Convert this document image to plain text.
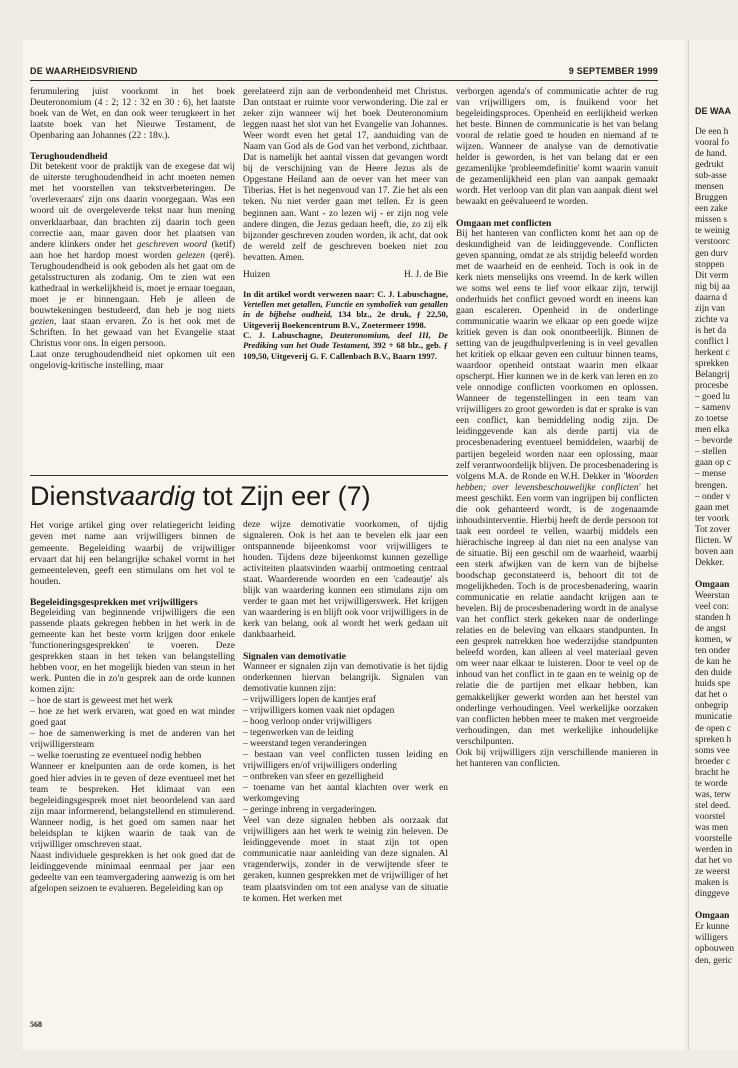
DE WAA
De een h
vooral fo
de hand.
gedrukt
sub-asse
mensen
Bruggen
een zake
missen s
te weinig
verstoorc
gen durv
stoppen
Dit verm
nig bij aa
daarna d
zijn van
zichte va
is het da
conflict l
herkent c
sprekken
Belangrij
procesbe
– goed lu
– samenv
zo toetse
men elka
– bevorde
– stellen
gaan op c
– mense
brengen.
– onder v
gaan met
ter voork
Tot zover
flicten. W
boven aan
Dekker.
Omgaan
Weerstan
veel con:
standen h
de angst
komen, w
ten onder
de kan he
den duide
huids spe
dat het o
onbegrip
municatie
de open c
spreken h
soms vee
broeder c
bracht he
te worde
was, terw
stel deed.
voorstel
was men
voorstelle
werden in
dat het vo
ze weerst
maken is
dinggeve
Omgaan
Er kunne
willigers
opbouwen
den, geric
DE WAARHEIDSVRIEND	9 SEPTEMBER 1999

ferumulering juist voorkomt in het boek Deuteronomium (4 : 2; 12 : 32 en 30 : 6), het laatste boek van de Wet, en dan ook weer terugkeert in het laatste boek van het Nieuwe Testament, de Openbaring aan Johannes (22 : 18v.).

Terughoudendheid

Dit betekent voor de praktijk van de exegese dat wij de uiterste terughoudendheid in acht moeten nemen met het voorstellen van tekstverbeteringen. De 'overleveraars' zijn ons daarin voorgegaan. Was een woord uit de overgeleverde tekst naar hun mening onverklaarbaar, dan brachten zij daarin toch geen correctie aan, maar gaven door het plaatsen van andere klinkers onder het geschreven woord (ketif) aan hoe het hardop moest worden gelezen (qerê). Terughoudendheid is ook geboden als het gaat om de getalsstructuren als zodanig. Om te zien wat een kathedraal in werkelijkheid is, moet je ernaar toegaan, moet je er binnengaan. Heb je alleen de bouwtekeningen bestudeerd, dan heb je nog niets gezien, laat staan ervaren. Zo is het ook met de Schriften. In het gewaad van het Evangelie staat Christus voor ons. In eigen persoon.

Laat onze terughoudendheid niet opkomen uit een ongelovig-kritische instelling, maar

gerelateerd zijn aan de verbondenheid met Christus. Dan ontstaat er ruimte voor verwondering. Die zal er zeker zijn wanneer wij het boek Deuteronomium leggen naast het slot van het Evangelie van Johannes. Weer wordt even het getal 17, aanduiding van de Naam van God als de God van het verbond, zichtbaar. Dat is namelijk het aantal vissen dat gevangen wordt bij de verschijning van de Heere Jezus als de Opgestane Heiland aan de oever van het meer van Tiberias. Het is het negenvoud van 17. Zie het als een teken. Nu niet verder gaan met tellen. Er is geen beginnen aan. Want - zo lezen wij - er zijn nog vele andere dingen, die Jezus gedaan heeft, die, zo zij elk bijzonder geschreven zouden worden, ik acht, dat ook de wereld zelf de geschreven boeken niet zou bevatten. Amen.

Huizen	H. J. de Bie
In dit artikel wordt verwezen naar: C. J. Labuschagne, Vertellen met getallen, Functie en symboliek van getallen in de bijbelse oudheid, 134 blz., 2e druk, ƒ 22,50, Uitgeverij Boekencentrum B.V., Zoetermeer 1998.
C. J. Labuschagne, Deuteronomium, deel III, De Prediking van het Oude Testament, 392 + 68 blz., geb. ƒ 109,50, Uitgeverij G. F. Callenbach B.V., Baarn 1997.

verborgen agenda's of communicatie achter de rug van vrijwilligers om, is fnuikend voor het begeleidingsproces. Openheid en eerlijkheid werken het beste. Binnen de communicatie is het van belang vooral de relatie goed te houden en niemand af te wijzen. Wanneer de analyse van de demotivatie helder is geworden, is het van belang dat er een gezamenlijke 'probleemdefinitie' komt waarin vanuit de gezamenlijkheid een plan van aanpak gemaakt wordt. Het verloop van dit plan van aanpak dient wel bewaakt en geëvalueerd te worden.

Omgaan met conflicten

Bij het hanteren van conflicten komt het aan op de deskundigheid van de leidinggevende. Conflicten geven spanning, omdat ze als strijdig beleefd worden met de waarheid en de eenheid. Toch is ook in de kerk niets menselijks ons vreemd. In de kerk willen we soms wel eens te lief voor elkaar zijn, terwijl onderhuids het conflict gevoed wordt en ineens kan gaan escaleren. Openheid in de onderlinge communicatie waarin we elkaar op een goede wijze kritiek geven is dan ook onontbeerlijk. Binnen de setting van de jeugdhulpverlening is in veel gevallen het kritiek op elkaar geven een cultuur binnen teams, waardoor openheid ontstaat waarin men elkaar opscherpt. Hier kunnen we in de kerk van leren en zo vele onnodige conflicten voorkomen en oplossen. Wanneer de tegenstellingen in een team van vrijwilligers zo groot geworden is dat er sprake is van een conflict, kan bemiddeling nodig zijn. De leidinggevende kan als derde partij via de procesbenadering eventueel bemiddelen, waarbij de partijen begeleid worden naar een oplossing, maar zelf verantwoordelijk blijven. De procesbenadering is volgens M.A. de Ronde en W.H. Dekker in 'Woorden hebben; over levensbeschouwelijke conflicten' het meest geschikt. Een vorm van ingrijpen bij conflicten die ook gehanteerd wordt, is de zogenaamde inhoudsinterventie. Hierbij heeft de derde persoon tot taak een oordeel te vellen, waarbij middels een hiërachische ingreep al dan niet na een analyse van de situatie. Bij een geschil om de waarheid, waarbij een sterk afwijken van de kern van de bijbelse boodschap geconstateerd is, behoort dit tot de mogelijkheden. Toch is de procesbenadering, waarin communicatie en relatie aandacht krijgen aan te bevelen. Bij de procesbenadering wordt in de analyse van het conflict sterk gekeken naar de onderlinge relaties en de beleving van elkaars standpunten. In een gesprek natrekken hoe wederzijdse standpunten beleefd worden, kan alleen al veel materiaal geven om weer naar elkaar te luisteren. Door te veel op de inhoud van het conflict in te gaan en te weinig op de relatie die de partijen met elkaar hebben, kan gemakkelijker gewerkt worden aan het herstel van onderlinge verhoudingen. Veel werkelijke oorzaken van conflicten hebben meer te maken met vergroeide verhoudingen, dan met werkelijke inhoudelijke verschilpunten.

Ook bij vrijwilligers zijn verschillende manieren in het hanteren van conflicten.

Dienstvaardig tot Zijn eer (7)

Het vorige artikel ging over relatiegericht leiding geven met name aan vrijwilligers binnen de gemeente. Begeleiding waarbij de vrijwilliger ervaart dat hij een belangrijke schakel vormt in het gemeenteleven, geeft een stimulans om het vol te houden.

Begeleidingsgesprekken met vrijwilligers

Begeleiding van beginnende vrijwilligers die een passende plaats gekregen hebben in het werk in de gemeente kan het beste vorm krijgen door enkele 'functioneringsgesprekken' te voeren. Deze gesprekken staan in het teken van belangstelling hebben voor, en het mogelijk bieden van steun in het werk. Punten die in zo'n gesprek aan de orde kunnen komen zijn:

– hoe de start is geweest met het werk

– hoe ze het werk ervaren, wat goed en wat minder goed gaat

– hoe de samenwerking is met de anderen van het vrijwilligersteam

– welke toerusting ze eventueel nodig hebben

Wanneer er knelpunten aan de orde komen, is het goed hier advies in te geven of deze eventueel met het team te bespreken. Het klimaat van een begeleidingsgesprek moet niet beoordelend van aard zijn maar informerend, belangstellend en stimulerend. Wanneer nodig, is het goed om samen naar het beleidsplan te kijken waarin de taak van de vrijwilliger omschreven staat.

Naast individuele gesprekken is het ook goed dat de leidinggevende minimaal eenmaal per jaar een gedeelte van een teamvergadering aanwezig is om het afgelopen seizoen te evalueren. Begeleiding kan op

deze wijze demotivatie voorkomen, of tijdig signaleren. Ook is het aan te bevelen elk jaar een ontspannende bijeenkomst voor vrijwilligers te houden. Tijdens deze bijeenkomst kunnen gezellige activiteiten plaatsvinden waarbij ontmoeting centraal staat. Waarderende woorden en een 'cadeautje' als blijk van waardering kunnen een stimulans zijn om verder te gaan met het vrijwilligerswerk. Het krijgen van waardering is en blijft ook voor vrijwilligers in de kerk van belang, ook al wordt het werk gedaan uit dankbaarheid.

Signalen van demotivatie

Wanneer er signalen zijn van demotivatie is het tijdig onderkennen hiervan belangrijk. Signalen van demotivatie kunnen zijn:

– vrijwilligers lopen de kantjes eraf

– vrijwilligers komen vaak niet opdagen

– hoog verloop onder vrijwilligers

– tegenwerken van de leiding

– weerstand tegen veranderingen

– bestaan van veel conflicten tussen leiding en vrijwilligers en/of vrijwilligers onderling

– ontbreken van sfeer en gezelligheid

– toename van het aantal klachten over werk en werkomgeving

– geringe inbreng in vergaderingen.

Veel van deze signalen hebben als oorzaak dat vrijwilligers aan het werk te weinig zin beleven. De leidinggevende moet in staat zijn tot open communicatie naar aanleiding van deze signalen. Al vragenderwijs, zonder in de verwijtende sfeer te geraken, kunnen gesprekken met de vrijwilliger of het team plaatsvinden om tot een analyse van de situatie te komen. Het werken met

568
